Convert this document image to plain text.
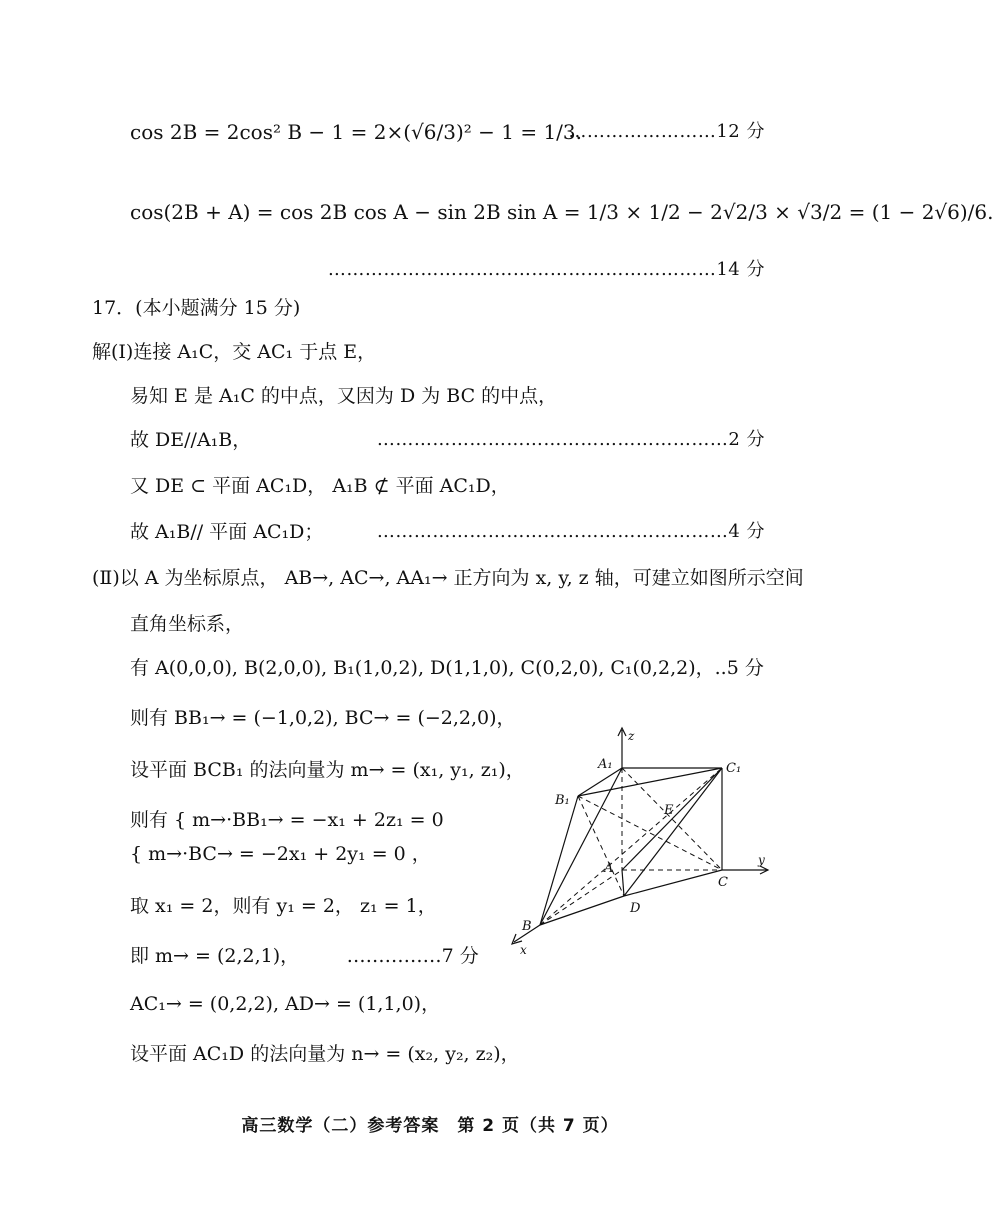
cos 2B = 2cos² B − 1 = 2×(√6/3)² − 1 = 1/3.
……………………12 分
cos(2B + A) = cos 2B cos A − sin 2B sin A = 1/3 × 1/2 − 2√2/3 × √3/2 = (1 − 2√6)/6.
………………………………………………………14 分
17．(本小题满分 15 分)
解(Ⅰ)连接 A₁C，交 AC₁ 于点 E，
易知 E 是 A₁C 的中点，又因为 D 为 BC 的中点，
故 DE//A₁B，	…………………………………………………2 分
又 DE ⊂ 平面 AC₁D， A₁B ⊄ 平面 AC₁D，
故 A₁B// 平面 AC₁D；	…………………………………………………4 分
(Ⅱ)以 A 为坐标原点， AB→, AC→, AA₁→ 正方向为 x, y, z 轴，可建立如图所示空间
直角坐标系，
有 A(0,0,0), B(2,0,0), B₁(1,0,2), D(1,1,0), C(0,2,0), C₁(0,2,2)，..5 分
则有 BB₁→ = (−1,0,2), BC→ = (−2,2,0)，
设平面 BCB₁ 的法向量为 m→ = (x₁, y₁, z₁)，
则有 { m→·BB₁→ = −x₁ + 2z₁ = 0
{ m→·BC→ = −2x₁ + 2y₁ = 0 ，
取 x₁ = 2，则有 y₁ = 2， z₁ = 1，
即 m→ = (2,2,1)，　　　……………7 分
AC₁→ = (0,2,2), AD→ = (1,1,0)，
设平面 AC₁D 的法向量为 n→ = (x₂, y₂, z₂)，
A₁	C₁
B₁
E
A
C
D
B
x
y
z
高三数学（二）参考答案　第 2 页（共 7 页）
